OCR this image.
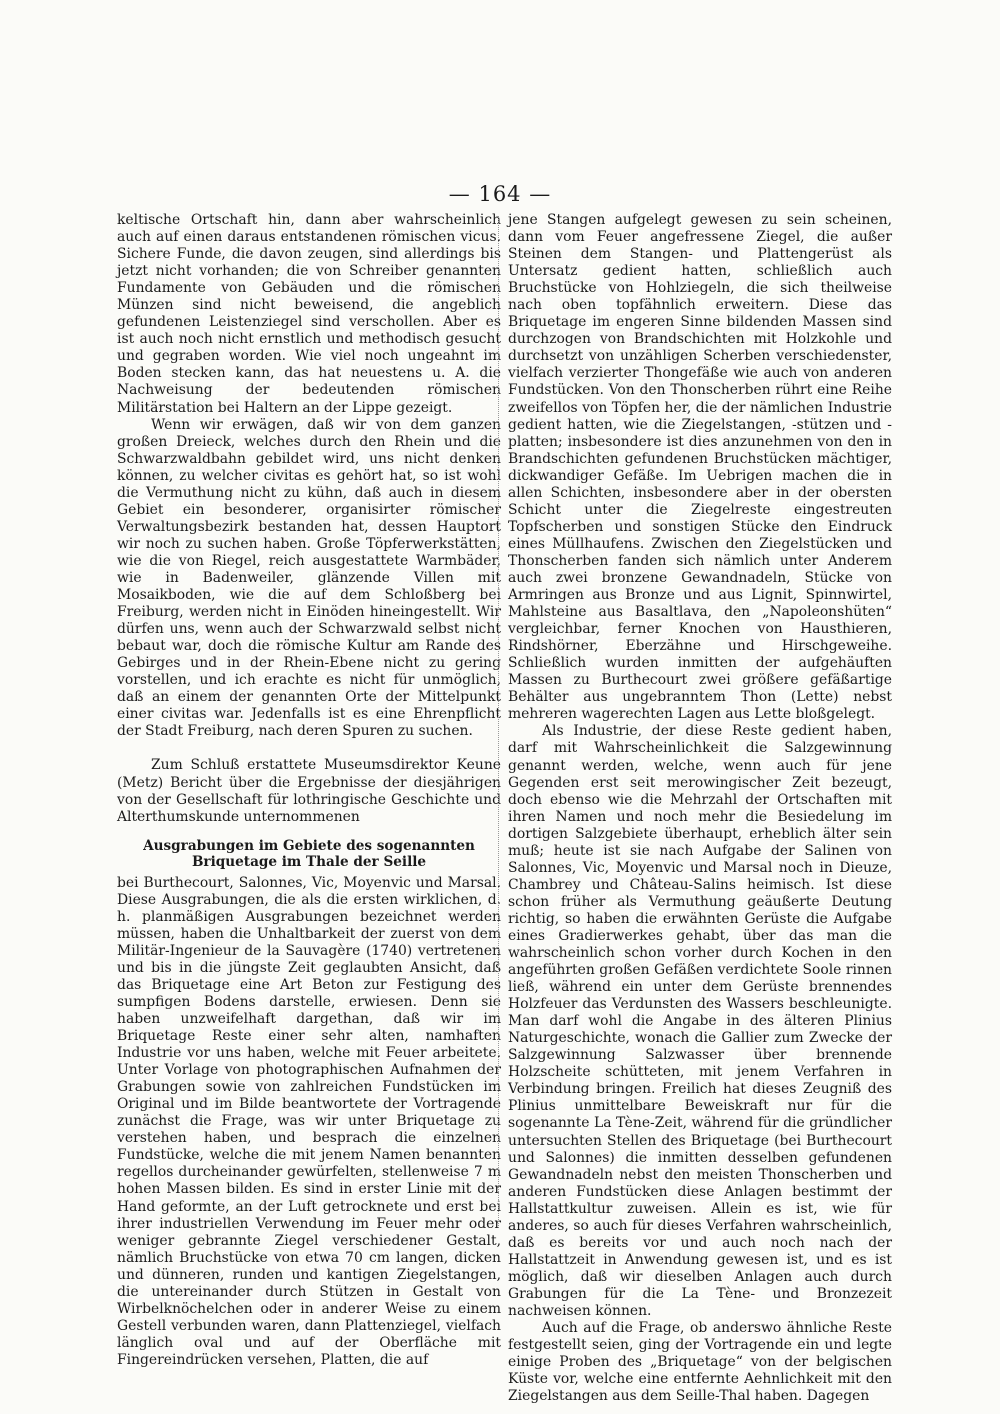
— 164 —

keltische Ortschaft hin, dann aber wahrscheinlich auch auf einen daraus entstandenen römischen vicus. Sichere Funde, die davon zeugen, sind allerdings bis jetzt nicht vorhanden; die von Schreiber genannten Fundamente von Gebäuden und die römischen Münzen sind nicht beweisend, die angeblich gefundenen Leistenziegel sind verschollen. Aber es ist auch noch nicht ernstlich und methodisch gesucht und gegraben worden. Wie viel noch ungeahnt im Boden stecken kann, das hat neuestens u. A. die Nachweisung der bedeutenden römischen Militärstation bei Haltern an der Lippe gezeigt.

Wenn wir erwägen, daß wir von dem ganzen großen Dreieck, welches durch den Rhein und die Schwarzwaldbahn gebildet wird, uns nicht denken können, zu welcher civitas es gehört hat, so ist wohl die Vermuthung nicht zu kühn, daß auch in diesem Gebiet ein besonderer, organisirter römischer Verwaltungsbezirk bestanden hat, dessen Hauptort wir noch zu suchen haben. Große Töpferwerkstätten, wie die von Riegel, reich ausgestattete Warmbäder, wie in Badenweiler, glänzende Villen mit Mosaikboden, wie die auf dem Schloßberg bei Freiburg, werden nicht in Einöden hineingestellt. Wir dürfen uns, wenn auch der Schwarzwald selbst nicht bebaut war, doch die römische Kultur am Rande des Gebirges und in der Rhein-Ebene nicht zu gering vorstellen, und ich erachte es nicht für unmöglich, daß an einem der genannten Orte der Mittelpunkt einer civitas war. Jedenfalls ist es eine Ehrenpflicht der Stadt Freiburg, nach deren Spuren zu suchen.

Zum Schluß erstattete Museumsdirektor Keune (Metz) Bericht über die Ergebnisse der diesjährigen von der Gesellschaft für lothringische Geschichte und Alterthumskunde unternommenen

Ausgrabungen im Gebiete des sogenannten Briquetage im Thale der Seille

bei Burthecourt, Salonnes, Vic, Moyenvic und Marsal. Diese Ausgrabungen, die als die ersten wirklichen, d. h. planmäßigen Ausgrabungen bezeichnet werden müssen, haben die Unhaltbarkeit der zuerst von dem Militär-Ingenieur de la Sauvagère (1740) vertretenen und bis in die jüngste Zeit geglaubten Ansicht, daß das Briquetage eine Art Beton zur Festigung des sumpfigen Bodens darstelle, erwiesen. Denn sie haben unzweifelhaft dargethan, daß wir im Briquetage Reste einer sehr alten, namhaften Industrie vor uns haben, welche mit Feuer arbeitete. Unter Vorlage von photographischen Aufnahmen der Grabungen sowie von zahlreichen Fundstücken im Original und im Bilde beantwortete der Vortragende zunächst die Frage, was wir unter Briquetage zu verstehen haben, und besprach die einzelnen Fundstücke, welche die mit jenem Namen benannten regellos durcheinander gewürfelten, stellenweise 7 m hohen Massen bilden. Es sind in erster Linie mit der Hand geformte, an der Luft getrocknete und erst bei ihrer industriellen Verwendung im Feuer mehr oder weniger gebrannte Ziegel verschiedener Gestalt, nämlich Bruchstücke von etwa 70 cm langen, dicken und dünneren, runden und kantigen Ziegelstangen, die untereinander durch Stützen in Gestalt von Wirbelknöchelchen oder in anderer Weise zu einem Gestell verbunden waren, dann Plattenziegel, vielfach länglich oval und auf der Oberfläche mit Fingereindrücken versehen, Platten, die auf

jene Stangen aufgelegt gewesen zu sein scheinen, dann vom Feuer angefressene Ziegel, die außer Steinen dem Stangen- und Plattengerüst als Untersatz gedient hatten, schließlich auch Bruchstücke von Hohlziegeln, die sich theilweise nach oben topfähnlich erweitern. Diese das Briquetage im engeren Sinne bildenden Massen sind durchzogen von Brandschichten mit Holzkohle und durchsetzt von unzähligen Scherben verschiedenster, vielfach verzierter Thongefäße wie auch von anderen Fundstücken. Von den Thonscherben rührt eine Reihe zweifellos von Töpfen her, die der nämlichen Industrie gedient hatten, wie die Ziegelstangen, -stützen und -platten; insbesondere ist dies anzunehmen von den in Brandschichten gefundenen Bruchstücken mächtiger, dickwandiger Gefäße. Im Uebrigen machen die in allen Schichten, insbesondere aber in der obersten Schicht unter die Ziegelreste eingestreuten Topfscherben und sonstigen Stücke den Eindruck eines Müllhaufens. Zwischen den Ziegelstücken und Thonscherben fanden sich nämlich unter Anderem auch zwei bronzene Gewandnadeln, Stücke von Armringen aus Bronze und aus Lignit, Spinnwirtel, Mahlsteine aus Basaltlava, den „Napoleonshüten“ vergleichbar, ferner Knochen von Hausthieren, Rindshörner, Eberzähne und Hirschgeweihe. Schließlich wurden inmitten der aufgehäuften Massen zu Burthecourt zwei größere gefäßartige Behälter aus ungebranntem Thon (Lette) nebst mehreren wagerechten Lagen aus Lette bloßgelegt.

Als Industrie, der diese Reste gedient haben, darf mit Wahrscheinlichkeit die Salzgewinnung genannt werden, welche, wenn auch für jene Gegenden erst seit merowingischer Zeit bezeugt, doch ebenso wie die Mehrzahl der Ortschaften mit ihren Namen und noch mehr die Besiedelung im dortigen Salzgebiete überhaupt, erheblich älter sein muß; heute ist sie nach Aufgabe der Salinen von Salonnes, Vic, Moyenvic und Marsal noch in Dieuze, Chambrey und Château-Salins heimisch. Ist diese schon früher als Vermuthung geäußerte Deutung richtig, so haben die erwähnten Gerüste die Aufgabe eines Gradierwerkes gehabt, über das man die wahrscheinlich schon vorher durch Kochen in den angeführten großen Gefäßen verdichtete Soole rinnen ließ, während ein unter dem Gerüste brennendes Holzfeuer das Verdunsten des Wassers beschleunigte. Man darf wohl die Angabe in des älteren Plinius Naturgeschichte, wonach die Gallier zum Zwecke der Salzgewinnung Salzwasser über brennende Holzscheite schütteten, mit jenem Verfahren in Verbindung bringen. Freilich hat dieses Zeugniß des Plinius unmittelbare Beweiskraft nur für die sogenannte La Tène-Zeit, während für die gründlicher untersuchten Stellen des Briquetage (bei Burthecourt und Salonnes) die inmitten desselben gefundenen Gewandnadeln nebst den meisten Thonscherben und anderen Fundstücken diese Anlagen bestimmt der Hallstattkultur zuweisen. Allein es ist, wie für anderes, so auch für dieses Verfahren wahrscheinlich, daß es bereits vor und auch noch nach der Hallstattzeit in Anwendung gewesen ist, und es ist möglich, daß wir dieselben Anlagen auch durch Grabungen für die La Tène- und Bronzezeit nachweisen können.

Auch auf die Frage, ob anderswo ähnliche Reste festgestellt seien, ging der Vortragende ein und legte einige Proben des „Briquetage“ von der belgischen Küste vor, welche eine entfernte Aehnlichkeit mit den Ziegelstangen aus dem Seille-Thal haben. Dagegen
